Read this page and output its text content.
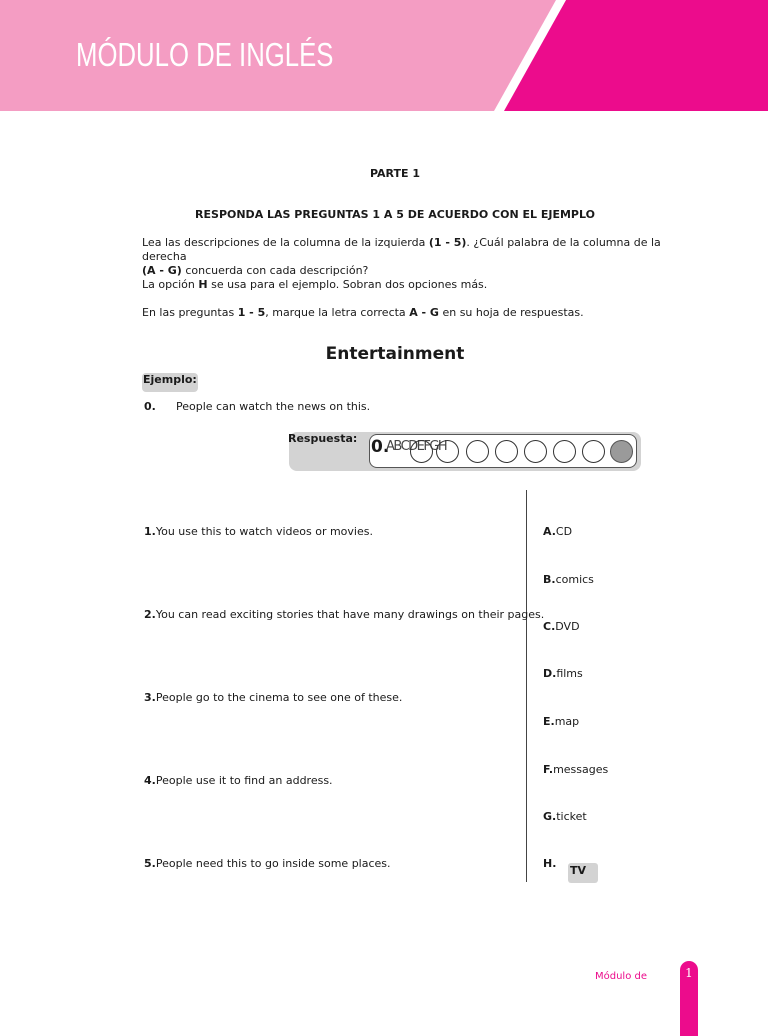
MÓDULO DE INGLÉS
PARTE 1
RESPONDA LAS PREGUNTAS 1 A 5 DE ACUERDO CON EL EJEMPLO
Lea las descripciones de la columna de la izquierda (1 - 5). ¿Cuál palabra de la columna de la derecha
(A - G) concuerda con cada descripción?
La opción H se usa para el ejemplo. Sobran dos opciones más.
En las preguntas 1 - 5, marque la letra correcta A - G en su hoja de respuestas.
Entertainment
Ejemplo:
0. People can watch the news on this.
Respuesta: 0.
ABCDEFGH
1.You use this to watch videos or movies.
2.You can read exciting stories that have many drawings on their pages.
3.People go to the cinema to see one of these.
4.People use it to find an address.
5.People need this to go inside some places.
A.CD
B.comics
C.DVD
D.films
E.map
F.messages
G.ticket
H.
TV
Módulo de	1
